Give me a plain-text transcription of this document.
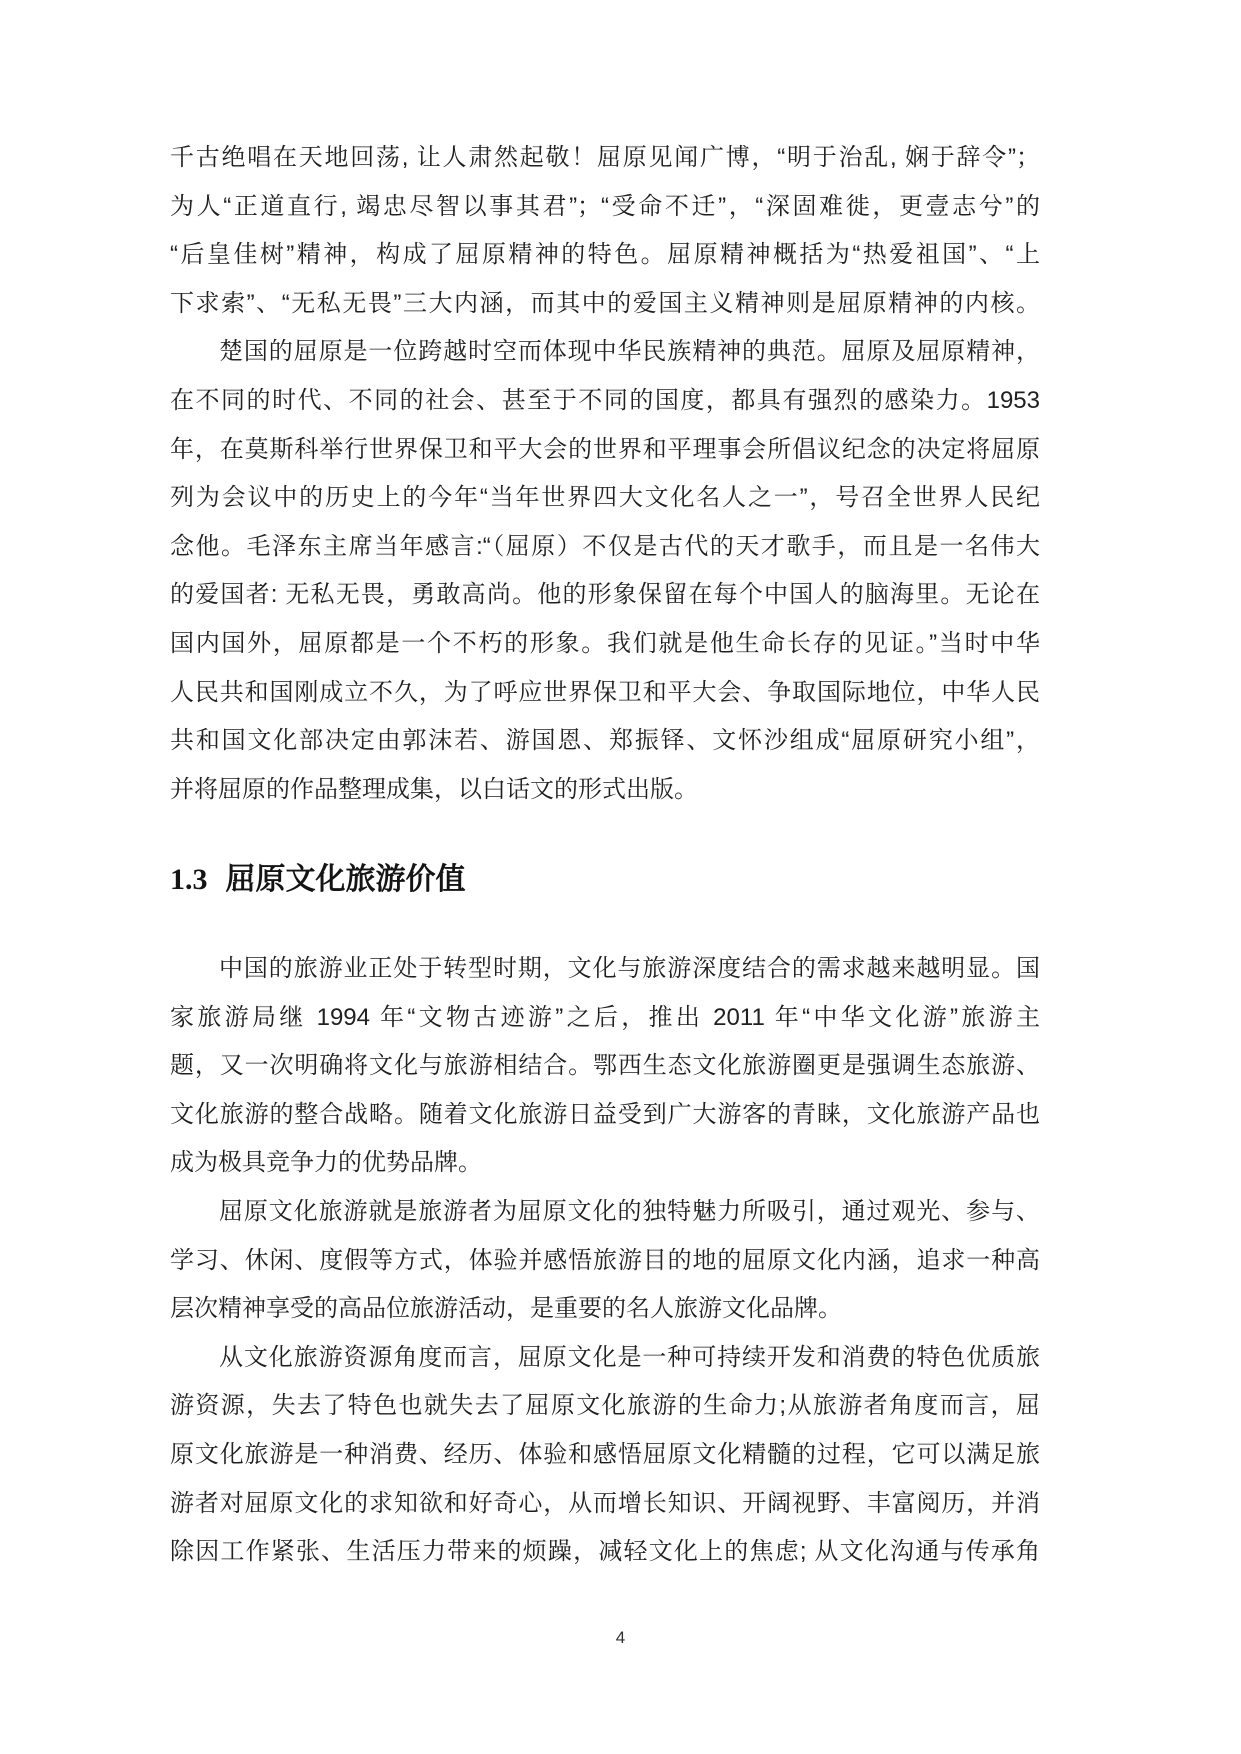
千古绝唱在天地回荡, 让人肃然起敬！屈原见闻广博，“明于治乱, 娴于辞令”；
为人“正道直行, 竭忠尽智以事其君”；“受命不迁”，“深固难徙，更壹志兮”的
“后皇佳树”精神，构成了屈原精神的特色。屈原精神概括为“热爱祖国”、“上
下求索”、“无私无畏”三大内涵，而其中的爱国主义精神则是屈原精神的内核。
楚国的屈原是一位跨越时空而体现中华民族精神的典范。屈原及屈原精神，
在不同的时代、不同的社会、甚至于不同的国度，都具有强烈的感染力。1953
年，在莫斯科举行世界保卫和平大会的世界和平理事会所倡议纪念的决定将屈原
列为会议中的历史上的今年“当年世界四大文化名人之一”，号召全世界人民纪
念他。毛泽东主席当年感言:“（屈原）不仅是古代的天才歌手，而且是一名伟大
的爱国者: 无私无畏，勇敢高尚。他的形象保留在每个中国人的脑海里。无论在
国内国外，屈原都是一个不朽的形象。我们就是他生命长存的见证。”当时中华
人民共和国刚成立不久，为了呼应世界保卫和平大会、争取国际地位，中华人民
共和国文化部决定由郭沫若、游国恩、郑振铎、文怀沙组成“屈原研究小组”，
并将屈原的作品整理成集，以白话文的形式出版。
1.3 屈原文化旅游价值
中国的旅游业正处于转型时期，文化与旅游深度结合的需求越来越明显。国
家旅游局继 1994 年“文物古迹游”之后，推出 2011 年“中华文化游”旅游主
题，又一次明确将文化与旅游相结合。鄂西生态文化旅游圈更是强调生态旅游、
文化旅游的整合战略。随着文化旅游日益受到广大游客的青睐，文化旅游产品也
成为极具竞争力的优势品牌。
屈原文化旅游就是旅游者为屈原文化的独特魅力所吸引，通过观光、参与、
学习、休闲、度假等方式，体验并感悟旅游目的地的屈原文化内涵，追求一种高
层次精神享受的高品位旅游活动，是重要的名人旅游文化品牌。
从文化旅游资源角度而言，屈原文化是一种可持续开发和消费的特色优质旅
游资源，失去了特色也就失去了屈原文化旅游的生命力;从旅游者角度而言，屈
原文化旅游是一种消费、经历、体验和感悟屈原文化精髓的过程，它可以满足旅
游者对屈原文化的求知欲和好奇心，从而增长知识、开阔视野、丰富阅历，并消
除因工作紧张、生活压力带来的烦躁，减轻文化上的焦虑; 从文化沟通与传承角
4
